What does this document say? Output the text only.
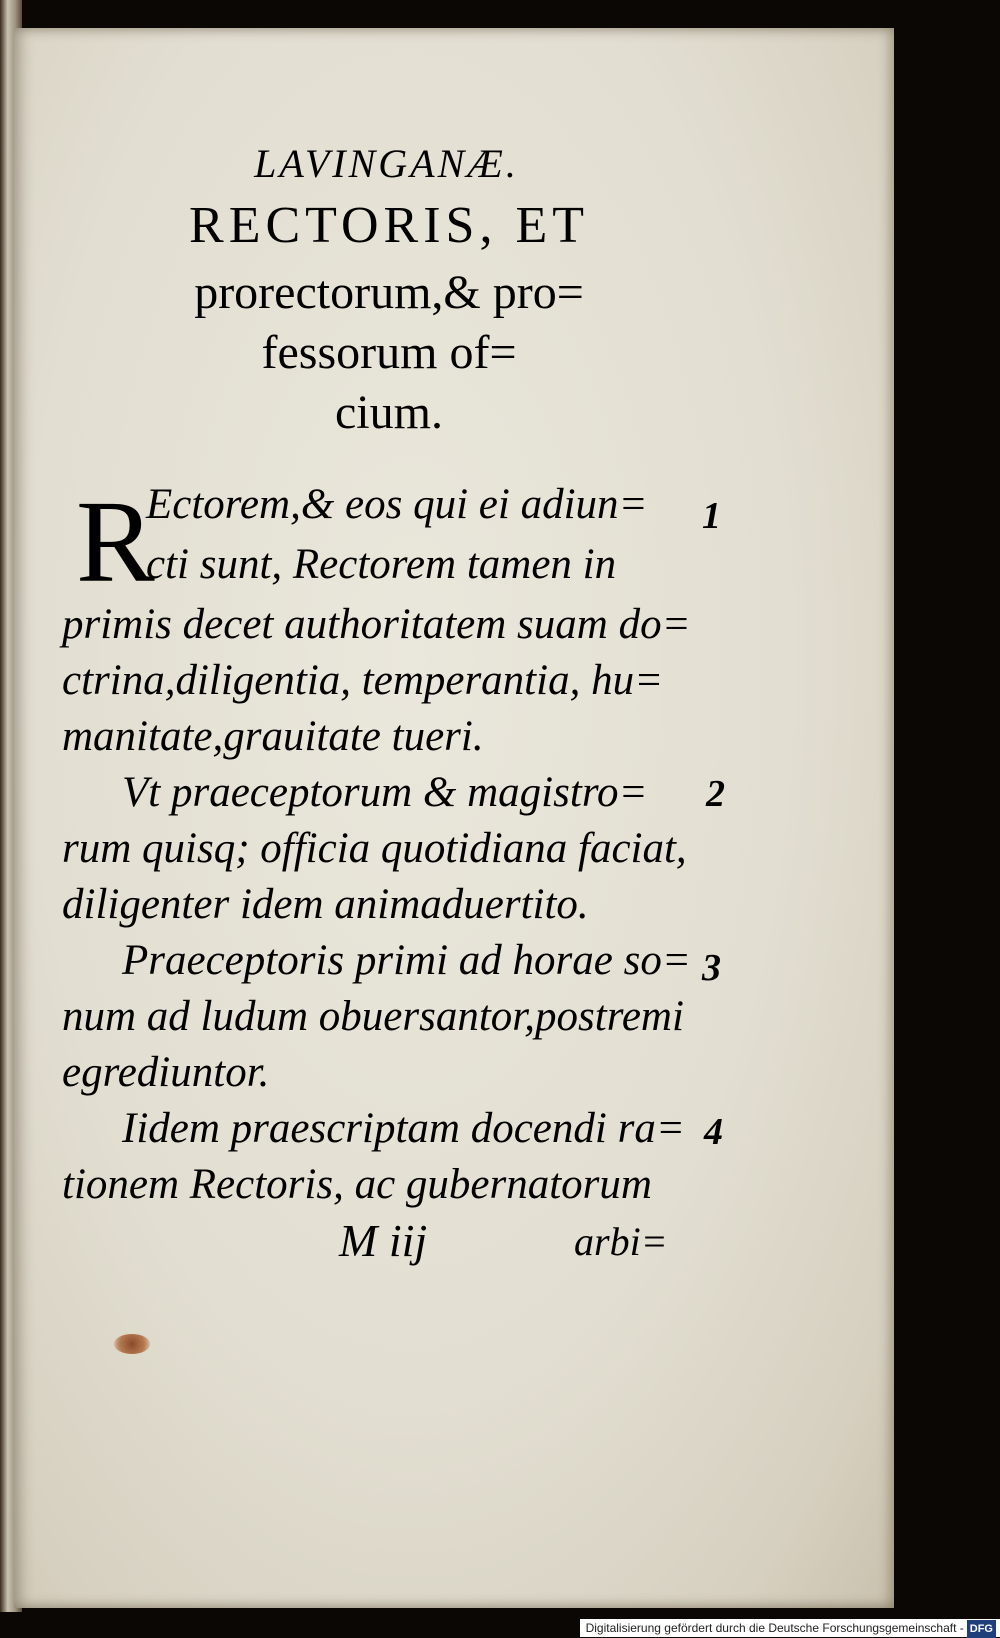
LAVINGANÆ.
RECTORIS, ET
prorectorum,& pro=
fessorum of=
cium.
R
Ectorem,& eos qui ei adiun=
cti sunt, Rectorem tamen in
primis decet authoritatem suam do=
ctrina,diligentia, temperantia, hu=
manitate,grauitate tueri.
Vt praeceptorum & magistro=
rum quisq; officia quotidiana faciat,
diligenter idem animaduertito.
Praeceptoris primi ad horae so=
num ad ludum obuersantor,postremi
egrediuntor.
Iidem praescriptam docendi ra=
tionem Rectoris, ac gubernatorum
1
2
3
4
M iij	arbi=
Digitalisierung gefördert durch die Deutsche Forschungsgemeinschaft - DFG
